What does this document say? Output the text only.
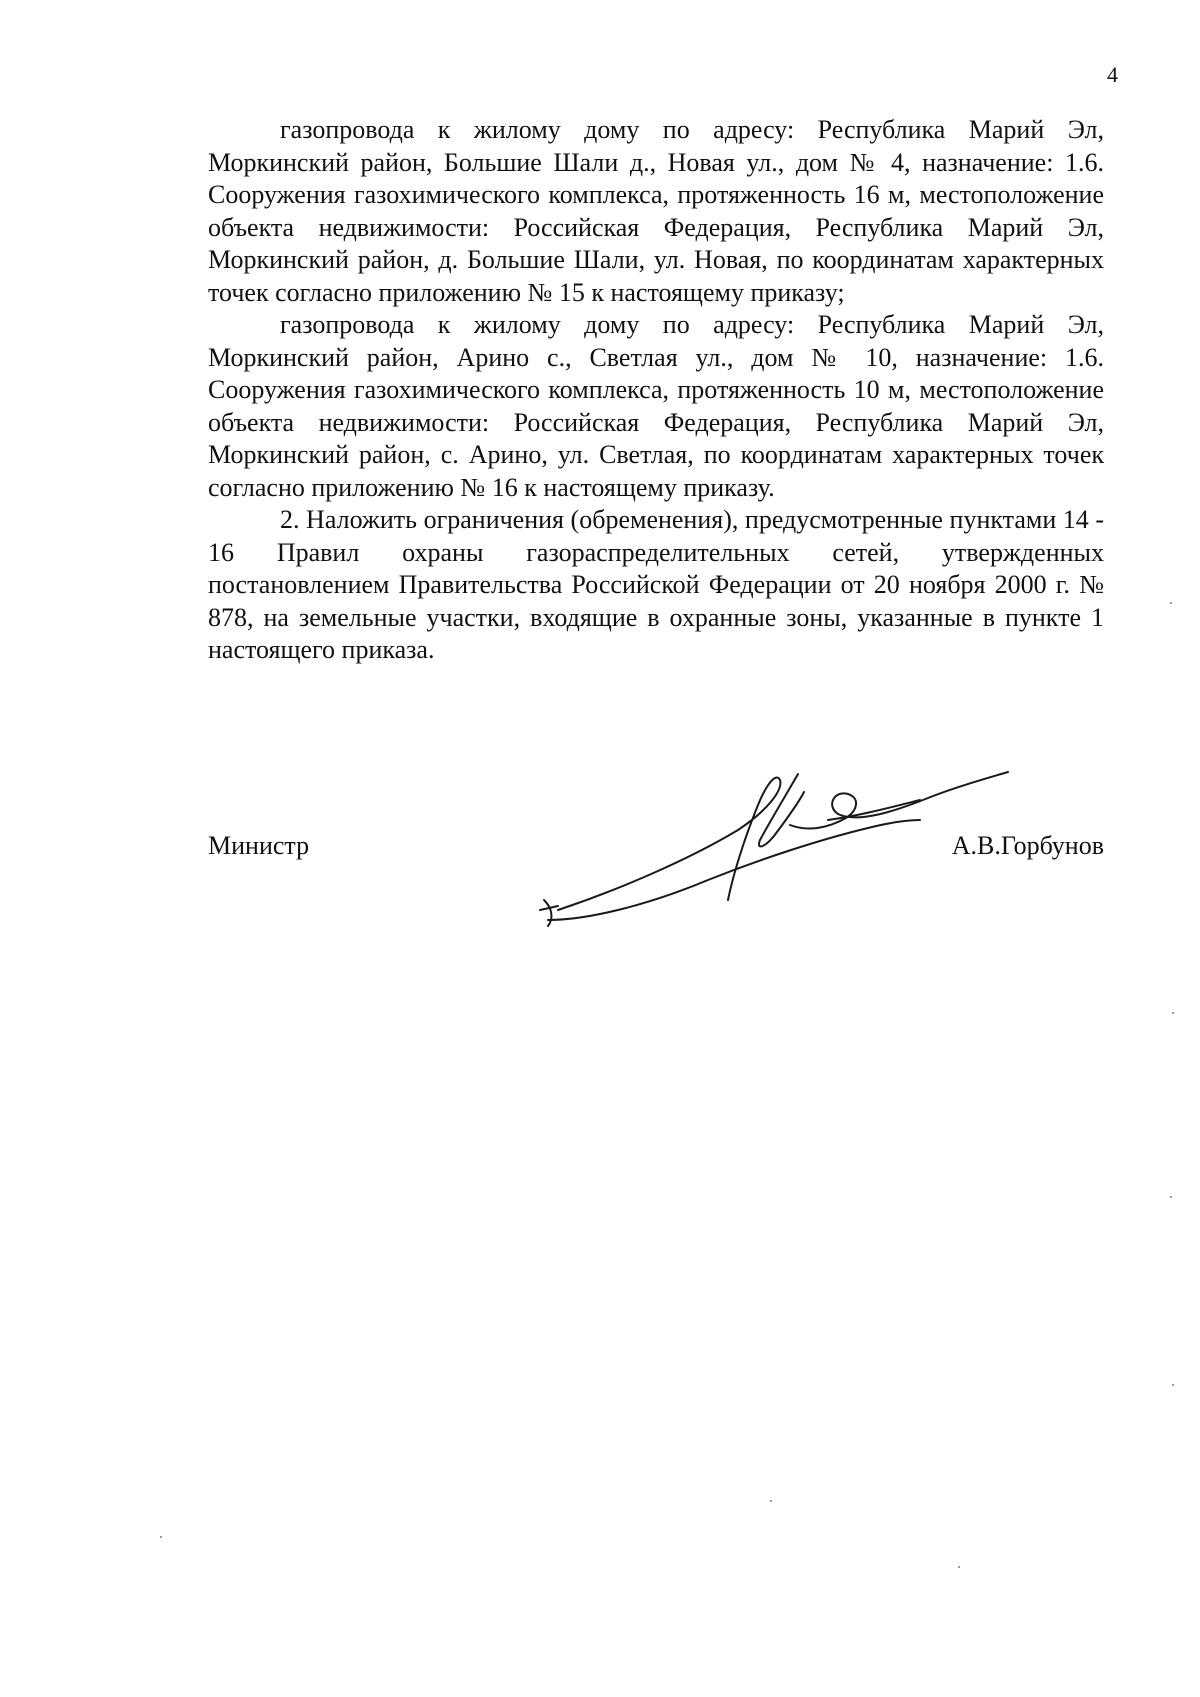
4

газопровода к жилому дому по адресу: Республика Марий Эл, Моркинский район, Большие Шали д., Новая ул., дом № 4, назначение: 1.6. Сооружения газохимического комплекса, протяженность 16 м, местоположение объекта недвижимости: Российская Федерация, Республика Марий Эл, Моркинский район, д. Большие Шали, ул. Новая, по координатам характерных точек согласно приложению № 15 к настоящему приказу;

газопровода к жилому дому по адресу: Республика Марий Эл, Моркинский район, Арино с., Светлая ул., дом № 10, назначение: 1.6. Сооружения газохимического комплекса, протяженность 10 м, местоположение объекта недвижимости: Российская Федерация, Республика Марий Эл, Моркинский район, с. Арино, ул. Светлая, по координатам характерных точек согласно приложению № 16 к настоящему приказу.

2. Наложить ограничения (обременения), предусмотренные пунктами 14 - 16 Правил охраны газораспределительных сетей, утвержденных постановлением Правительства Российской Федерации от 20 ноября 2000 г. № 878, на земельные участки, входящие в охранные зоны, указанные в пункте 1 настоящего приказа.

Министр	А.В.Горбунов
